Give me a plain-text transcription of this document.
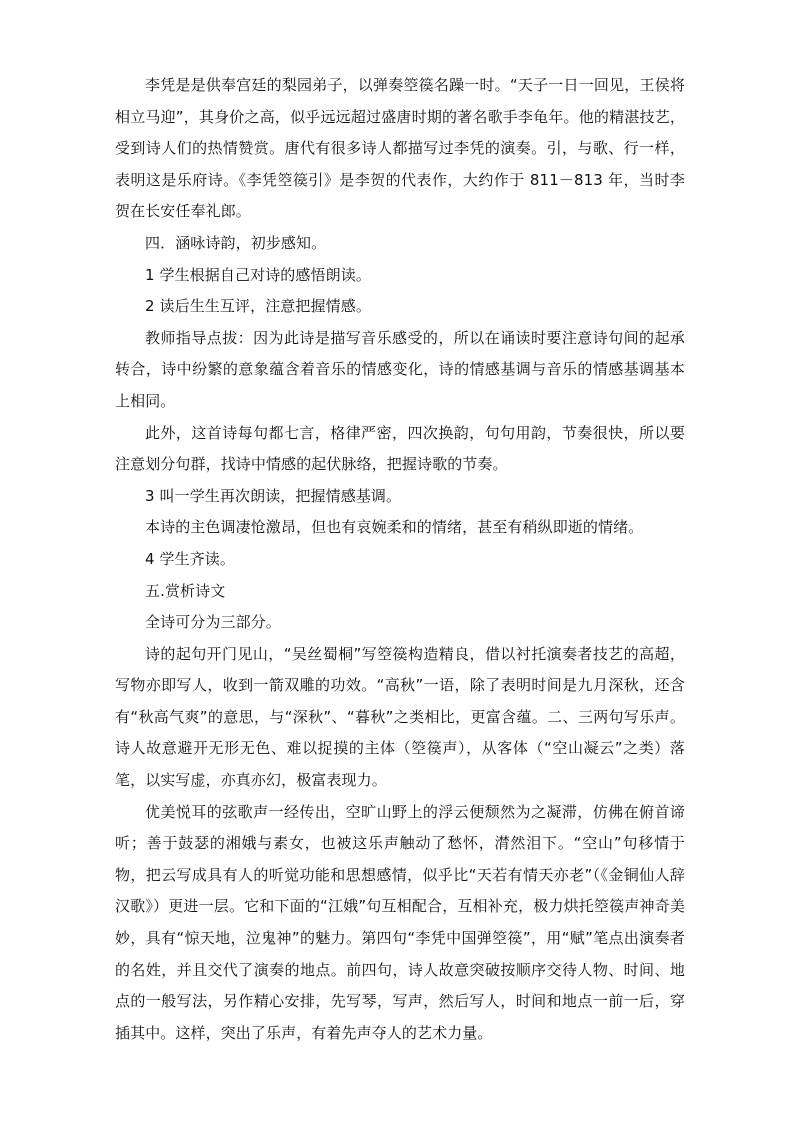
李凭是是供奉宫廷的梨园弟子，以弹奏箜篌名躁一时。“天子一日一回见，王侯将相立马迎”，其身价之高，似乎远远超过盛唐时期的著名歌手李龟年。他的精湛技艺，受到诗人们的热情赞赏。唐代有很多诗人都描写过李凭的演奏。引，与歌、行一样，表明这是乐府诗。《李凭箜篌引》是李贺的代表作，大约作于 811－813 年，当时李贺在长安任奉礼郎。

四．涵咏诗韵，初步感知。

1 学生根据自己对诗的感悟朗读。

2 读后生生互评，注意把握情感。

教师指导点拔：因为此诗是描写音乐感受的，所以在诵读时要注意诗句间的起承转合，诗中纷繁的意象蕴含着音乐的情感变化，诗的情感基调与音乐的情感基调基本上相同。

此外，这首诗每句都七言，格律严密，四次换韵，句句用韵，节奏很快，所以要注意划分句群，找诗中情感的起伏脉络，把握诗歌的节奏。

3 叫一学生再次朗读，把握情感基调。

本诗的主色调凄怆激昂，但也有哀婉柔和的情绪，甚至有稍纵即逝的情绪。

4 学生齐读。

五.赏析诗文

全诗可分为三部分。

诗的起句开门见山，“吴丝蜀桐”写箜篌构造精良，借以衬托演奏者技艺的高超，写物亦即写人，收到一箭双雕的功效。“高秋”一语，除了表明时间是九月深秋，还含有“秋高气爽”的意思，与“深秋”、“暮秋”之类相比，更富含蕴。二、三两句写乐声。诗人故意避开无形无色、难以捉摸的主体（箜篌声），从客体（“空山凝云”之类）落笔，以实写虚，亦真亦幻，极富表现力。

优美悦耳的弦歌声一经传出，空旷山野上的浮云便颓然为之凝滞，仿佛在俯首谛听；善于鼓瑟的湘娥与素女，也被这乐声触动了愁怀，潸然泪下。“空山”句移情于物，把云写成具有人的听觉功能和思想感情，似乎比“天若有情天亦老”（《金铜仙人辞汉歌》）更进一层。它和下面的“江娥”句互相配合，互相补充，极力烘托箜篌声神奇美妙，具有“惊天地，泣鬼神”的魅力。第四句“李凭中国弹箜篌”，用“赋”笔点出演奏者的名姓，并且交代了演奏的地点。前四句，诗人故意突破按顺序交待人物、时间、地点的一般写法，另作精心安排，先写琴，写声，然后写人，时间和地点一前一后，穿插其中。这样，突出了乐声，有着先声夺人的艺术力量。
